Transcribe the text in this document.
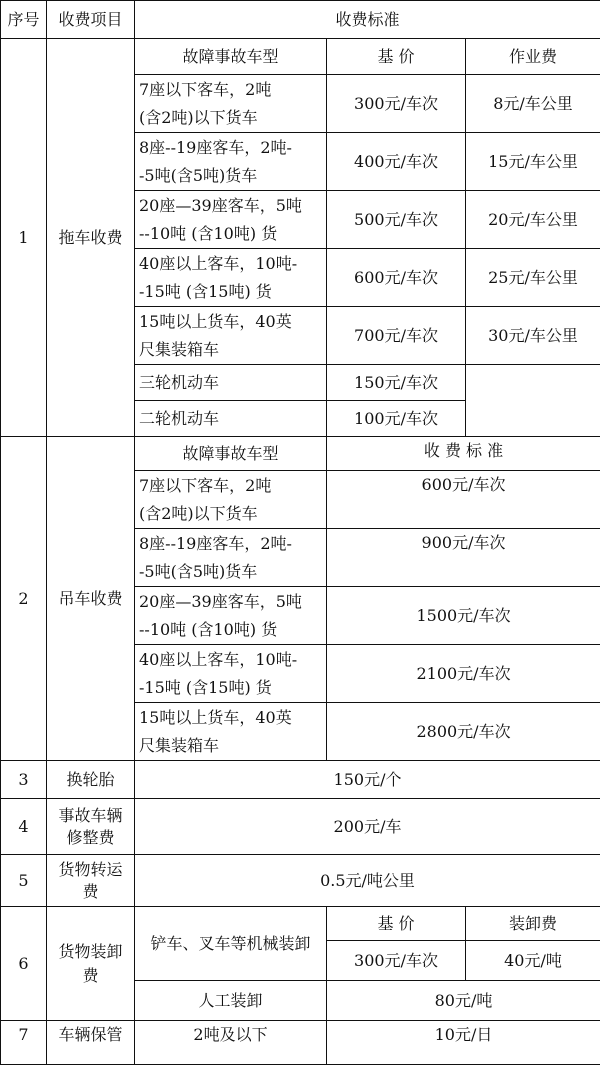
序号	收费项目	收费标准		
1	拖车收费	故障事故车型	基 价	作业费

		7座以下客车，2吨
(含2吨)以下货车	300元/车次	8元/车公里

		8座--19座客车，2吨-
-5吨(含5吨)货车	400元/车次	15元/车公里

		20座—39座客车，5吨
--10吨 (含10吨) 货	500元/车次	20元/车公里

		40座以上客车，10吨-
-15吨 (含15吨) 货	600元/车次	25元/车公里

		15吨以上货车，40英
尺集装箱车	700元/车次	30元/车公里
		三轮机动车	150元/车次	
		二轮机动车	100元/车次	
2	吊车收费	故障事故车型	收 费 标 准	

		7座以下客车，2吨
(含2吨)以下货车	600元/车次	

		8座--19座客车，2吨-
-5吨(含5吨)货车	900元/车次	

		20座—39座客车，5吨
--10吨 (含10吨) 货	1500元/车次	

		40座以上客车，10吨-
-15吨 (含15吨) 货	2100元/车次	

		15吨以上货车，40英
尺集装箱车	2800元/车次	
3	换轮胎	150元/个		
4	事故车辆
修整费	200元/车		
5	货物转运
费	0.5元/吨公里		
6	货物装卸
费	铲车、叉车等机械装卸	基 价	装卸费
			300元/车次	40元/吨
		人工装卸	80元/吨	
7	车辆保管	2吨及以下	10元/日	
